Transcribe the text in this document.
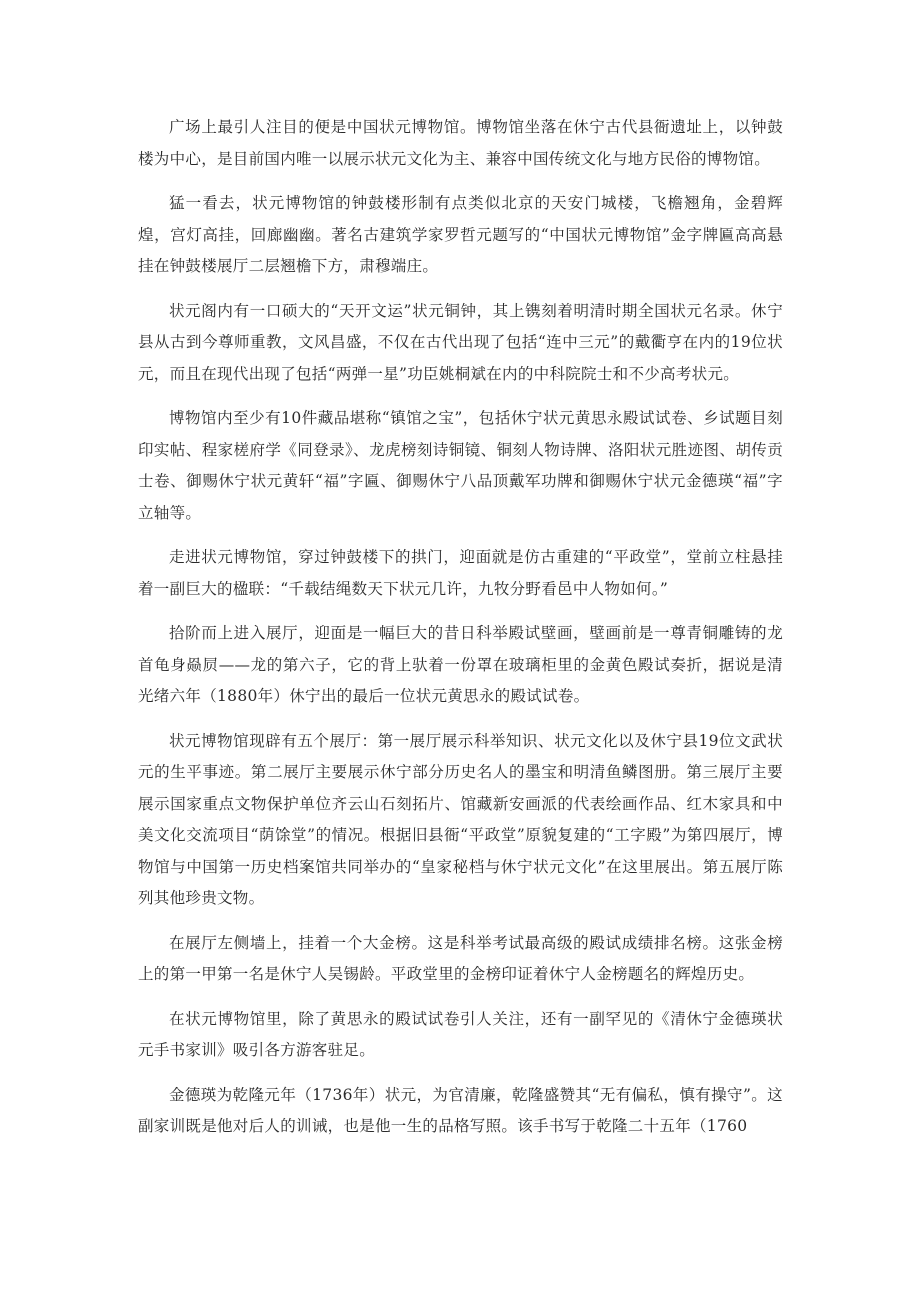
广场上最引人注目的便是中国状元博物馆。博物馆坐落在休宁古代县衙遗址上，以钟鼓楼为中心，是目前国内唯一以展示状元文化为主、兼容中国传统文化与地方民俗的博物馆。

猛一看去，状元博物馆的钟鼓楼形制有点类似北京的天安门城楼，飞檐翘角，金碧辉煌，宫灯高挂，回廊幽幽。著名古建筑学家罗哲元题写的“中国状元博物馆”金字牌匾高高悬挂在钟鼓楼展厅二层翘檐下方，肃穆端庄。

状元阁内有一口硕大的“天开文运”状元铜钟，其上镌刻着明清时期全国状元名录。休宁县从古到今尊师重教，文风昌盛，不仅在古代出现了包括“连中三元”的戴衢亨在内的19位状元，而且在现代出现了包括“两弹一星”功臣姚桐斌在内的中科院院士和不少高考状元。

博物馆内至少有10件藏品堪称“镇馆之宝”，包括休宁状元黄思永殿试试卷、乡试题目刻印实帖、程家槎府学《同登录》、龙虎榜刻诗铜镜、铜刻人物诗牌、洛阳状元胜迹图、胡传贡士卷、御赐休宁状元黄轩“福”字匾、御赐休宁八品顶戴军功牌和御赐休宁状元金德瑛“福”字立轴等。

走进状元博物馆，穿过钟鼓楼下的拱门，迎面就是仿古重建的“平政堂”，堂前立柱悬挂着一副巨大的楹联：“千载结绳数天下状元几许，九牧分野看邑中人物如何。”

拾阶而上进入展厅，迎面是一幅巨大的昔日科举殿试壁画，壁画前是一尊青铜雕铸的龙首龟身赑屃——龙的第六子，它的背上驮着一份罩在玻璃柜里的金黄色殿试奏折，据说是清光绪六年（1880年）休宁出的最后一位状元黄思永的殿试试卷。

状元博物馆现辟有五个展厅：第一展厅展示科举知识、状元文化以及休宁县19位文武状元的生平事迹。第二展厅主要展示休宁部分历史名人的墨宝和明清鱼鳞图册。第三展厅主要展示国家重点文物保护单位齐云山石刻拓片、馆藏新安画派的代表绘画作品、红木家具和中美文化交流项目“荫馀堂”的情况。根据旧县衙“平政堂”原貌复建的“工字殿”为第四展厅，博物馆与中国第一历史档案馆共同举办的“皇家秘档与休宁状元文化”在这里展出。第五展厅陈列其他珍贵文物。

在展厅左侧墙上，挂着一个大金榜。这是科举考试最高级的殿试成绩排名榜。这张金榜上的第一甲第一名是休宁人吴锡龄。平政堂里的金榜印证着休宁人金榜题名的辉煌历史。

在状元博物馆里，除了黄思永的殿试试卷引人关注，还有一副罕见的《清休宁金德瑛状元手书家训》吸引各方游客驻足。

金德瑛为乾隆元年（1736年）状元，为官清廉，乾隆盛赞其“无有偏私，慎有操守”。这副家训既是他对后人的训诫，也是他一生的品格写照。该手书写于乾隆二十五年（1760
